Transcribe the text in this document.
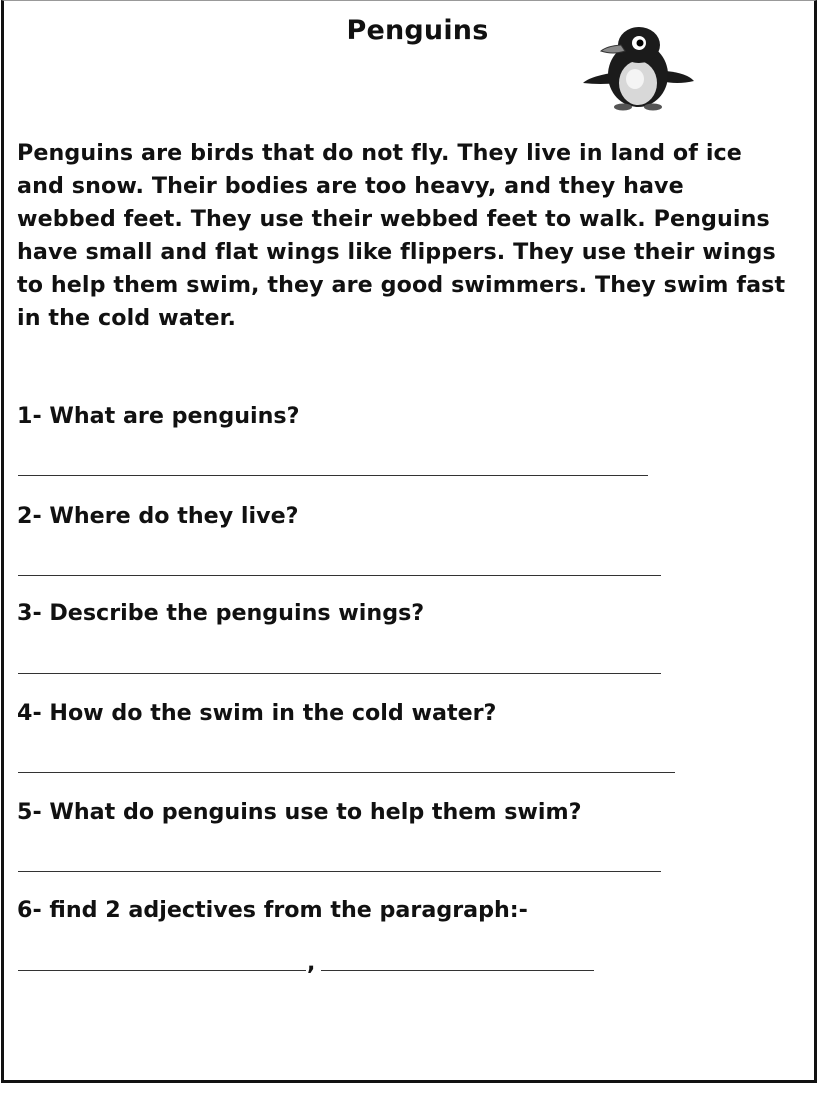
Penguins
Penguins are birds that do not fly. They live in land of ice
and snow. Their bodies are too heavy, and they have
webbed feet. They use their webbed feet to walk. Penguins
have small and flat wings like flippers. They use their wings
to help them swim, they are good swimmers. They swim fast
in the cold water.
1- What are penguins?
2- Where do they live?
3- Describe the penguins wings?
4- How do the swim in the cold water?
5- What do penguins use to help them swim?
6- find 2 adjectives from the paragraph:-
,
